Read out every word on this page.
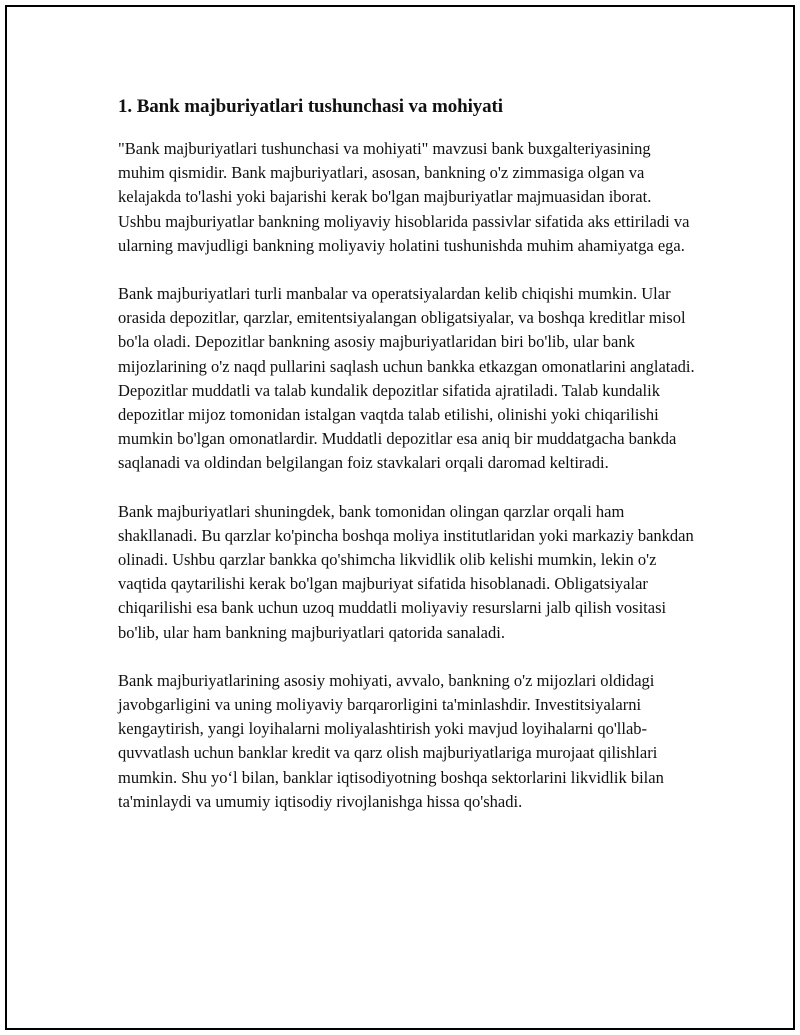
1. Bank majburiyatlari tushunchasi va mohiyati

"Bank majburiyatlari tushunchasi va mohiyati" mavzusi bank buxgalteriyasining muhim qismidir. Bank majburiyatlari, asosan, bankning o'z zimmasiga olgan va kelajakda to'lashi yoki bajarishi kerak bo'lgan majburiyatlar majmuasidan iborat. Ushbu majburiyatlar bankning moliyaviy hisoblarida passivlar sifatida aks ettiriladi va ularning mavjudligi bankning moliyaviy holatini tushunishda muhim ahamiyatga ega.

Bank majburiyatlari turli manbalar va operatsiyalardan kelib chiqishi mumkin. Ular orasida depozitlar, qarzlar, emitentsiyalangan obligatsiyalar, va boshqa kreditlar misol bo'la oladi. Depozitlar bankning asosiy majburiyatlaridan biri bo'lib, ular bank mijozlarining o'z naqd pullarini saqlash uchun bankka etkazgan omonatlarini anglatadi. Depozitlar muddatli va talab kundalik depozitlar sifatida ajratiladi. Talab kundalik depozitlar mijoz tomonidan istalgan vaqtda talab etilishi, olinishi yoki chiqarilishi mumkin bo'lgan omonatlardir. Muddatli depozitlar esa aniq bir muddatgacha bankda saqlanadi va oldindan belgilangan foiz stavkalari orqali daromad keltiradi.

Bank majburiyatlari shuningdek, bank tomonidan olingan qarzlar orqali ham shakllanadi. Bu qarzlar ko'pincha boshqa moliya institutlaridan yoki markaziy bankdan olinadi. Ushbu qarzlar bankka qo'shimcha likvidlik olib kelishi mumkin, lekin o'z vaqtida qaytarilishi kerak bo'lgan majburiyat sifatida hisoblanadi. Obligatsiyalar chiqarilishi esa bank uchun uzoq muddatli moliyaviy resurslarni jalb qilish vositasi bo'lib, ular ham bankning majburiyatlari qatorida sanaladi.

Bank majburiyatlarining asosiy mohiyati, avvalo, bankning o'z mijozlari oldidagi javobgarligini va uning moliyaviy barqarorligini ta'minlashdir. Investitsiyalarni kengaytirish, yangi loyihalarni moliyalashtirish yoki mavjud loyihalarni qo'llab-quvvatlash uchun banklar kredit va qarz olish majburiyatlariga murojaat qilishlari mumkin. Shu yo‘l bilan, banklar iqtisodiyotning boshqa sektorlarini likvidlik bilan ta'minlaydi va umumiy iqtisodiy rivojlanishga hissa qo'shadi.
